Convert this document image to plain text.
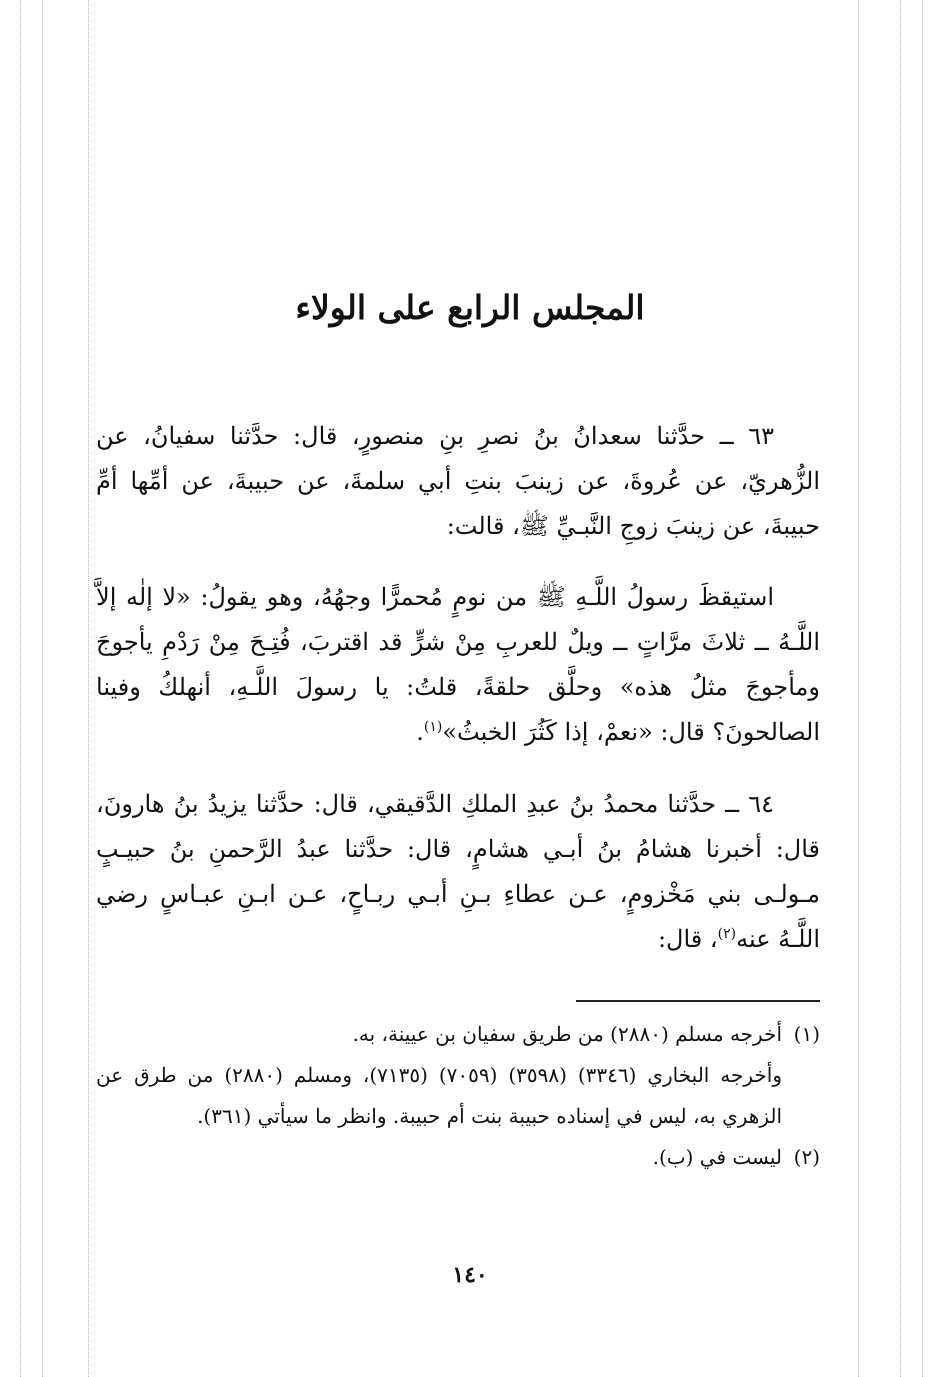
المجلس الرابع على الولاء

٦٣ ــ حدَّثنا سعدانُ بنُ نصرِ بنِ منصورٍ، قال: حدَّثنا سفيانُ، عن الزُّهريّ، عن عُروةَ، عن زينبَ بنتِ أبي سلمةَ، عن حبيبةَ، عن أمِّها أمِّ حبيبةَ، عن زينبَ زوجِ النَّبـيِّ ﷺ، قالت:

استيقظَ رسولُ اللَّـهِ ﷺ من نومٍ مُحمرًّا وجهُهُ، وهو يقولُ: «لا إلٰه إلاَّ اللَّـهُ ــ ثلاثَ مرَّاتٍ ــ ويلٌ للعربِ مِنْ شرٍّ قد اقتربَ، فُتِـحَ مِنْ رَدْمِ يأجوجَ ومأجوجَ مثلُ هذه» وحلَّق حلقةً، قلتُ: يا رسولَ اللَّـهِ، أنهلكُ وفينا الصالحونَ؟ قال: «نعمْ، إذا كَثُرَ الخبثُ»$^{(١)}$.

٦٤ ــ حدَّثنا محمدُ بنُ عبدِ الملكِ الدَّقيقي، قال: حدَّثنا يزيدُ بنُ هارونَ، قال: أخبرنا هشامُ بنُ أبـي هشامٍ، قال: حدَّثنا عبدُ الرَّحمنِ بنُ حبيـبٍ مـولـى بني مَخْزومٍ، عـن عطاءِ بـنِ أبـي ربـاحٍ، عـن ابـنِ عبـاسٍ رضي اللَّـهُ عنه$^{(٢)}$، قال:

(١)
أخرجه مسلم (٢٨٨٠) من طريق سفيان بن عيينة، به.
وأخرجه البخاري (٣٣٤٦) (٣٥٩٨) (٧٠٥٩) (٧١٣٥)، ومسلم (٢٨٨٠) من طرق عن الزهري به، ليس في إسناده حبيبة بنت أم حبيبة. وانظر ما سيأتي (٣٦١).
(٢)
ليست في (ب).
١٤٠
